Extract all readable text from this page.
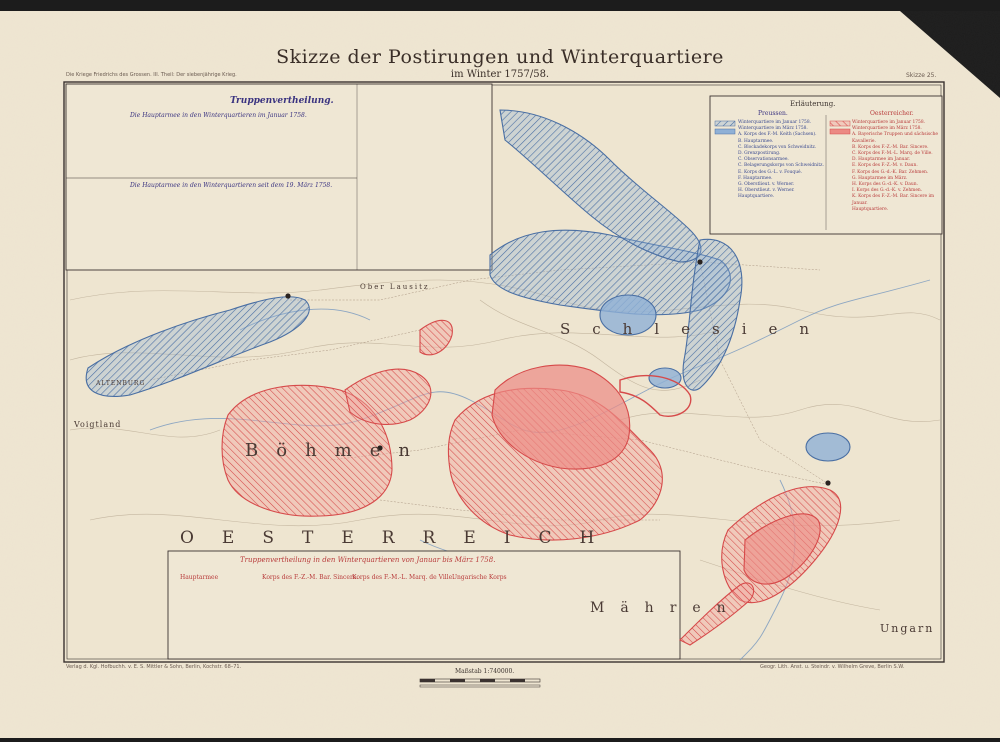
Skizze der Postirungen und Winterquartiere
im Winter 1757/58.
Die Kriege Friedrichs des Grossen. III. Theil: Der siebenjährige Krieg.	Skizze 25.
Truppenvertheilung.
Die Hauptarmee in den Winterquartieren im Januar 1758.
Die Hauptarmee in den Winterquartieren seit dem 19. März 1758.
Erläuterung.
Preussen.	Oesterreicher.
Winterquartiere im Januar 1758.
Winterquartiere im März 1758.
A. Korps des F.-M. Keith (Sachsen).
B. Hauptarmee.
C. Blockadekorps von Schweidnitz.
D. Grenzpostirung.
C. Observationsarmee.
C. Belagerungskorps von Schweidnitz.
E. Korps des G.-L. v. Fouqué.
F. Hauptarmee.
G. Oberstlieut. v. Werner.
H. Oberstlieut. v. Werner.
Hauptquartiere.
Winterquartiere im Januar 1758.
Winterquartiere im März 1758.
A. Bayerische Truppen und sächsische Kavallerie.
B. Korps des F.-Z.-M. Bar. Sincere.
C. Korps des F.-M.-L. Marq. de Ville.
D. Hauptarmee im Januar.
E. Korps des F.-Z.-M. v. Daun.
F. Korps des G.-d.-K. Bar. Zehmen.
G. Hauptarmee im März.
H. Korps des G.-d.-K. v. Daun.
I. Korps des G.-d.-K. v. Zehmen.
K. Korps des F.-Z.-M. Bar. Sincere im Januar.
Hauptquartiere.
Truppenvertheilung in den Winterquartieren von Januar bis März 1758.
Hauptarmee	Korps des F.-Z.-M. Bar. Sincere.
Korps des F.-M.-L. Marq. de Ville.
Ungarische Korps
Böhmen
Schlesien
OESTERREICH
Mähren
Ungarn
Voigtland
ALTENBURG
Ober Lausitz
Maßstab 1:740000.
Verlag d. Kgl. Hofbuchh. v. E. S. Mittler & Sohn, Berlin, Kochstr. 68–71.	Geogr. Lith. Anst. u. Steindr. v. Wilhelm Greve, Berlin S.W.
